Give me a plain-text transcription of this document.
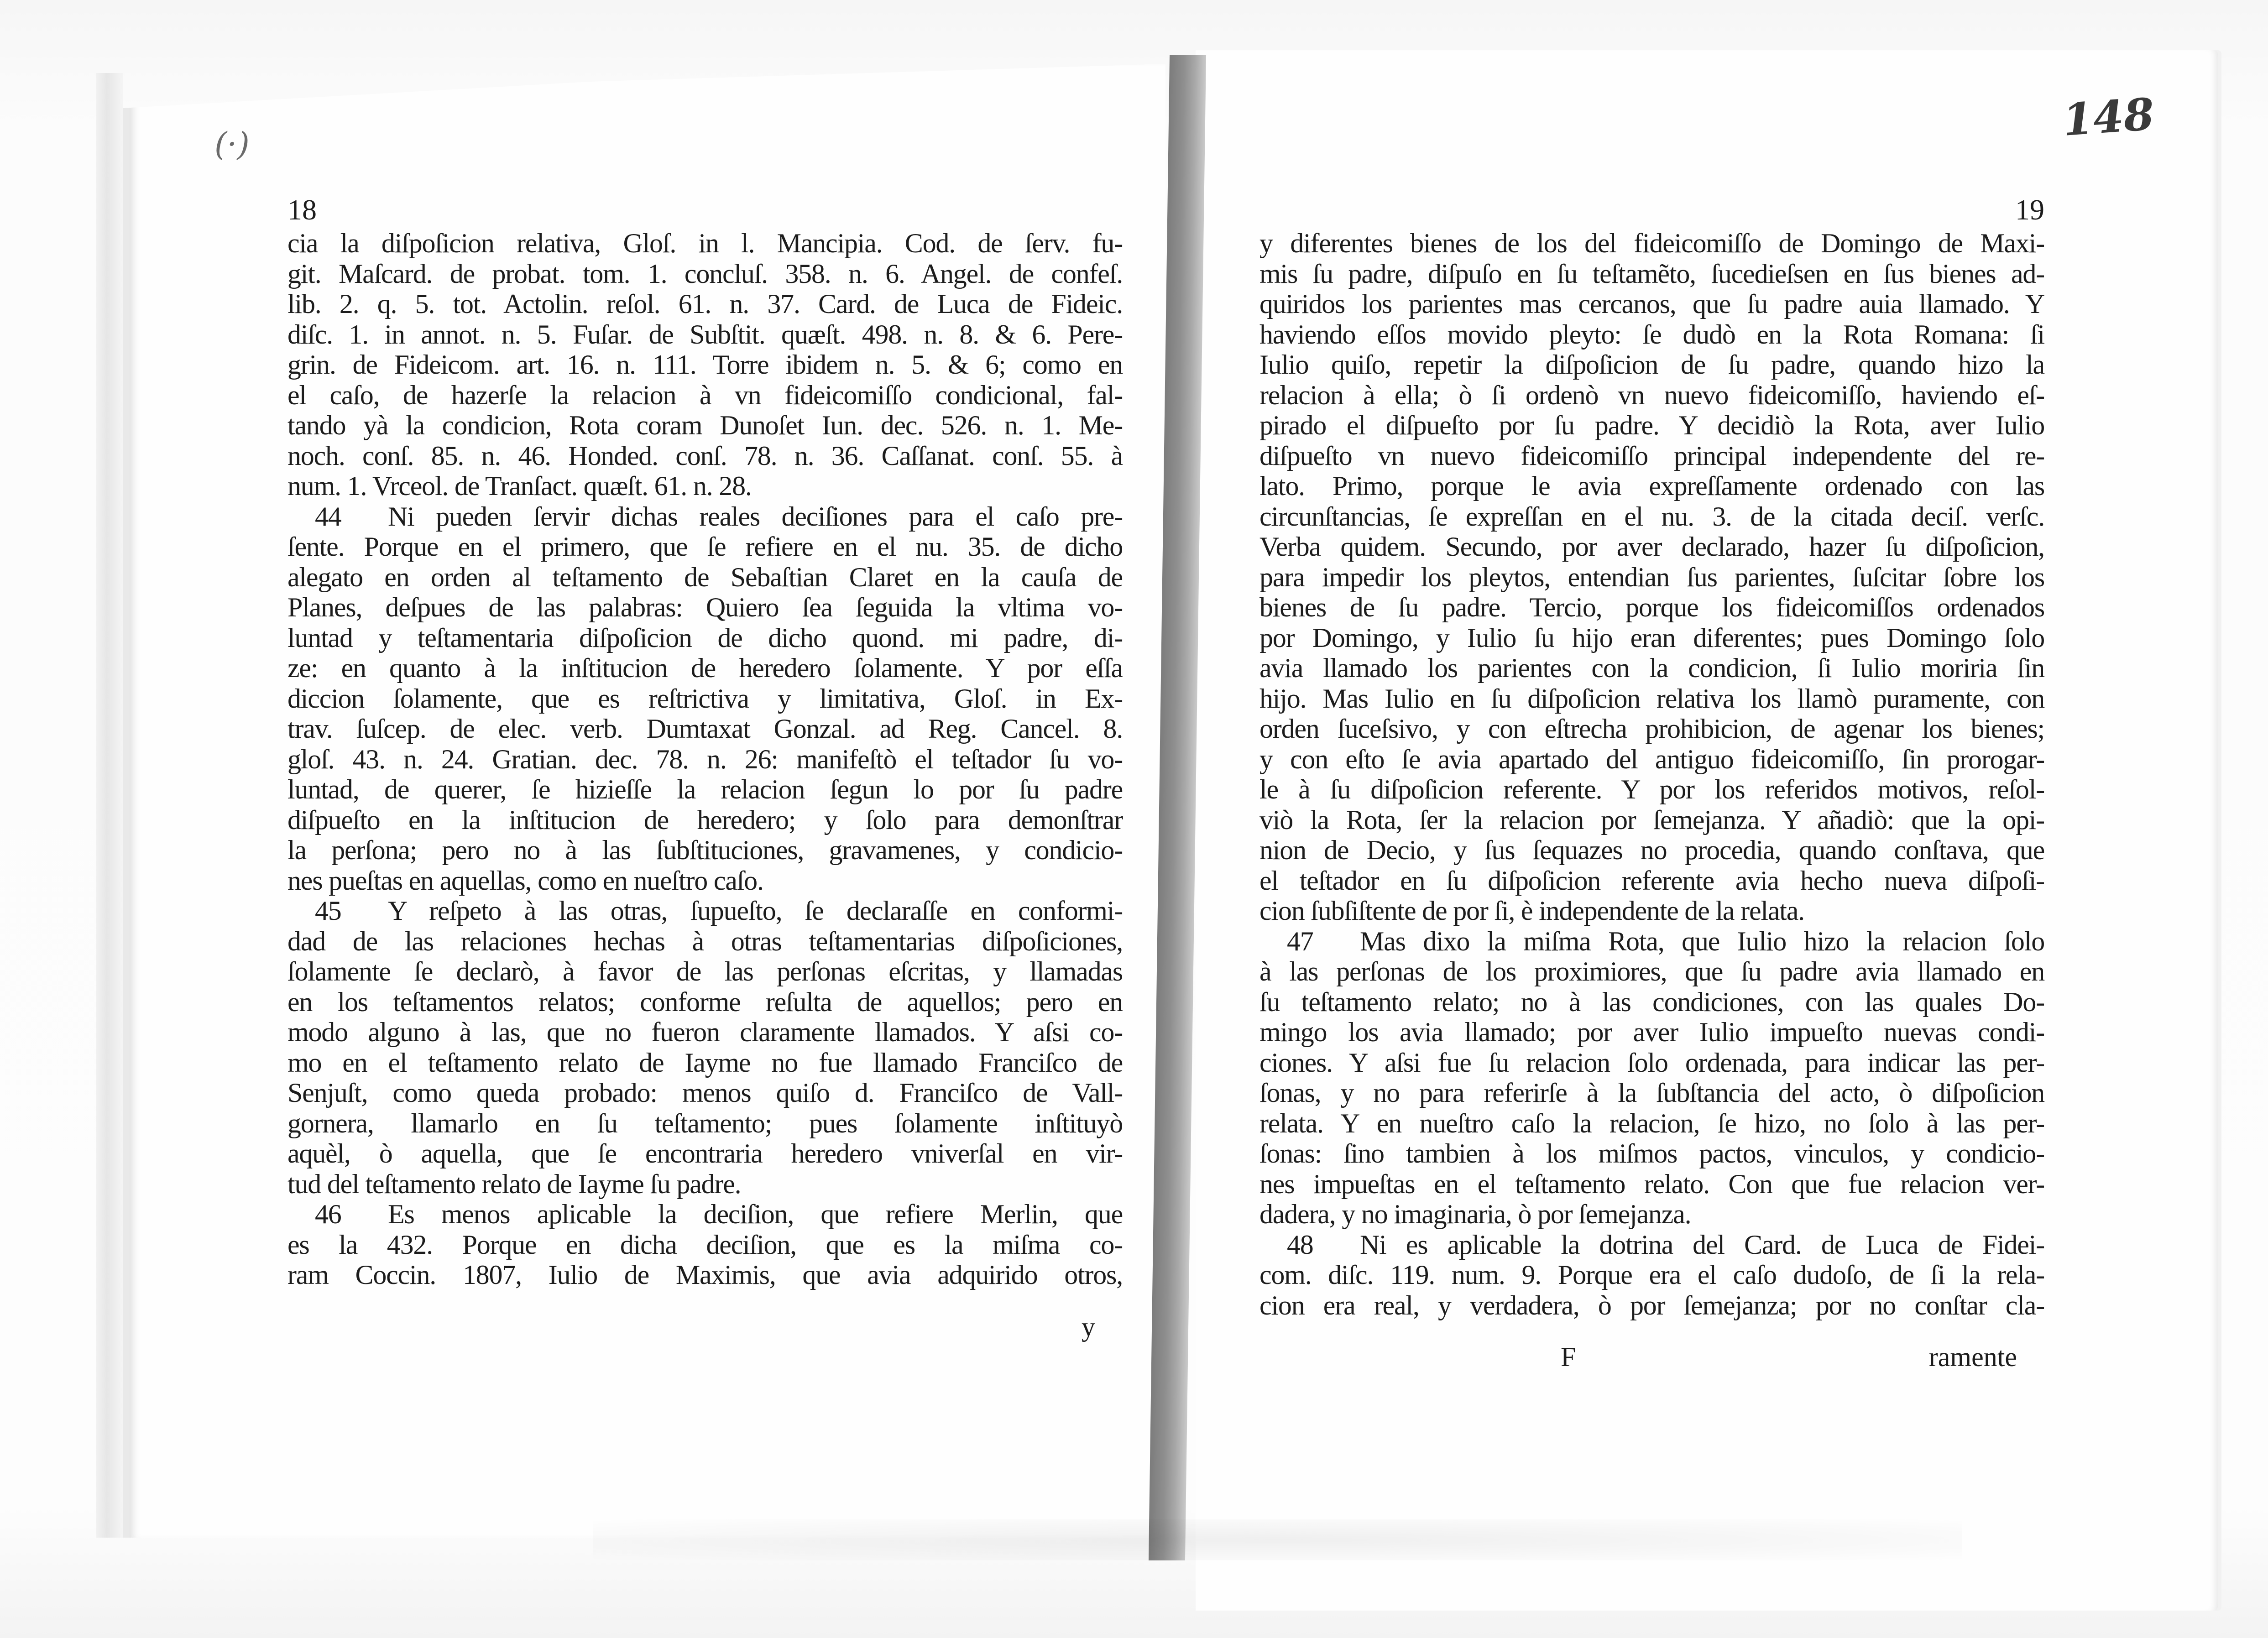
(·)	148
18
cia la diſpoſicion relativa, Gloſ. in l. Mancipia. Cod. de ſerv. fu-
git. Maſcard. de probat. tom. 1. concluſ. 358. n. 6. Angel. de confeſ.
lib. 2. q. 5. tot. Actolin. reſol. 61. n. 37. Card. de Luca de Fideic.
diſc. 1. in annot. n. 5. Fuſar. de Subſtit. quæſt. 498. n. 8. & 6. Pere-
grin. de Fideicom. art. 16. n. 111. Torre ibidem n. 5. & 6; como en
el caſo, de hazerſe la relacion à vn fideicomiſſo condicional, fal-
tando yà la condicion, Rota coram Dunoſet Iun. dec. 526. n. 1. Me-
noch. conſ. 85. n. 46. Honded. conſ. 78. n. 36. Caſſanat. conſ. 55. à
num. 1. Vrceol. de Tranſact. quæſt. 61. n. 28.
44 Ni pueden ſervir dichas reales deciſiones para el caſo pre-
ſente. Porque en el primero, que ſe refiere en el nu. 35. de dicho
alegato en orden al teſtamento de Sebaſtian Claret en la cauſa de
Planes, deſpues de las palabras: Quiero ſea ſeguida la vltima vo-
luntad y teſtamentaria diſpoſicion de dicho quond. mi padre, di-
ze: en quanto à la inſtitucion de heredero ſolamente. Y por eſſa
diccion ſolamente, que es reſtrictiva y limitativa, Gloſ. in Ex-
trav. ſuſcep. de elec. verb. Dumtaxat Gonzal. ad Reg. Cancel. 8.
gloſ. 43. n. 24. Gratian. dec. 78. n. 26: manifeſtò el teſtador ſu vo-
luntad, de querer, ſe hizieſſe la relacion ſegun lo por ſu padre
diſpueſto en la inſtitucion de heredero; y ſolo para demonſtrar
la perſona; pero no à las ſubſtituciones, gravamenes, y condicio-
nes pueſtas en aquellas, como en nueſtro caſo.
45 Y reſpeto à las otras, ſupueſto, ſe declaraſſe en conformi-
dad de las relaciones hechas à otras teſtamentarias diſpoſiciones,
ſolamente ſe declarò, à favor de las perſonas eſcritas, y llamadas
en los teſtamentos relatos; conforme reſulta de aquellos; pero en
modo alguno à las, que no fueron claramente llamados. Y aſsi co-
mo en el teſtamento relato de Iayme no fue llamado Franciſco de
Senjuſt, como queda probado: menos quiſo d. Franciſco de Vall-
gornera, llamarlo en ſu teſtamento; pues ſolamente inſtituyò
aquèl, ò aquella, que ſe encontraria heredero vniverſal en vir-
tud del teſtamento relato de Iayme ſu padre.
46 Es menos aplicable la deciſion, que refiere Merlin, que
es la 432. Porque en dicha deciſion, que es la miſma co-
ram Coccin. 1807, Iulio de Maximis, que avia adquirido otros,
y
19
y diferentes bienes de los del fideicomiſſo de Domingo de Maxi-
mis ſu padre, diſpuſo en ſu teſtamẽto, ſucedieſsen en ſus bienes ad-
quiridos los parientes mas cercanos, que ſu padre auia llamado. Y
haviendo eſſos movido pleyto: ſe dudò en la Rota Romana: ſi
Iulio quiſo, repetir la diſpoſicion de ſu padre, quando hizo la
relacion à ella; ò ſi ordenò vn nuevo fideicomiſſo, haviendo eſ-
pirado el diſpueſto por ſu padre. Y decidiò la Rota, aver Iulio
diſpueſto vn nuevo fideicomiſſo principal independente del re-
lato. Primo, porque le avia expreſſamente ordenado con las
circunſtancias, ſe expreſſan en el nu. 3. de la citada deciſ. verſc.
Verba quidem. Secundo, por aver declarado, hazer ſu diſpoſicion,
para impedir los pleytos, entendian ſus parientes, ſuſcitar ſobre los
bienes de ſu padre. Tercio, porque los fideicomiſſos ordenados
por Domingo, y Iulio ſu hijo eran diferentes; pues Domingo ſolo
avia llamado los parientes con la condicion, ſi Iulio moriria ſin
hijo. Mas Iulio en ſu diſpoſicion relativa los llamò puramente, con
orden ſuceſsivo, y con eſtrecha prohibicion, de agenar los bienes;
y con eſto ſe avia apartado del antiguo fideicomiſſo, ſin prorogar-
le à ſu diſpoſicion referente. Y por los referidos motivos, reſol-
viò la Rota, ſer la relacion por ſemejanza. Y añadiò: que la opi-
nion de Decio, y ſus ſequazes no procedia, quando conſtava, que
el teſtador en ſu diſpoſicion referente avia hecho nueva diſpoſi-
cion ſubſiſtente de por ſi, è independente de la relata.
47 Mas dixo la miſma Rota, que Iulio hizo la relacion ſolo
à las perſonas de los proximiores, que ſu padre avia llamado en
ſu teſtamento relato; no à las condiciones, con las quales Do-
mingo los avia llamado; por aver Iulio impueſto nuevas condi-
ciones. Y aſsi fue ſu relacion ſolo ordenada, para indicar las per-
ſonas, y no para referirſe à la ſubſtancia del acto, ò diſpoſicion
relata. Y en nueſtro caſo la relacion, ſe hizo, no ſolo à las per-
ſonas: ſino tambien à los miſmos pactos, vinculos, y condicio-
nes impueſtas en el teſtamento relato. Con que fue relacion ver-
dadera, y no imaginaria, ò por ſemejanza.
48 Ni es aplicable la dotrina del Card. de Luca de Fidei-
com. diſc. 119. num. 9. Porque era el caſo dudoſo, de ſi la rela-
cion era real, y verdadera, ò por ſemejanza; por no conſtar cla-
F	ramente
